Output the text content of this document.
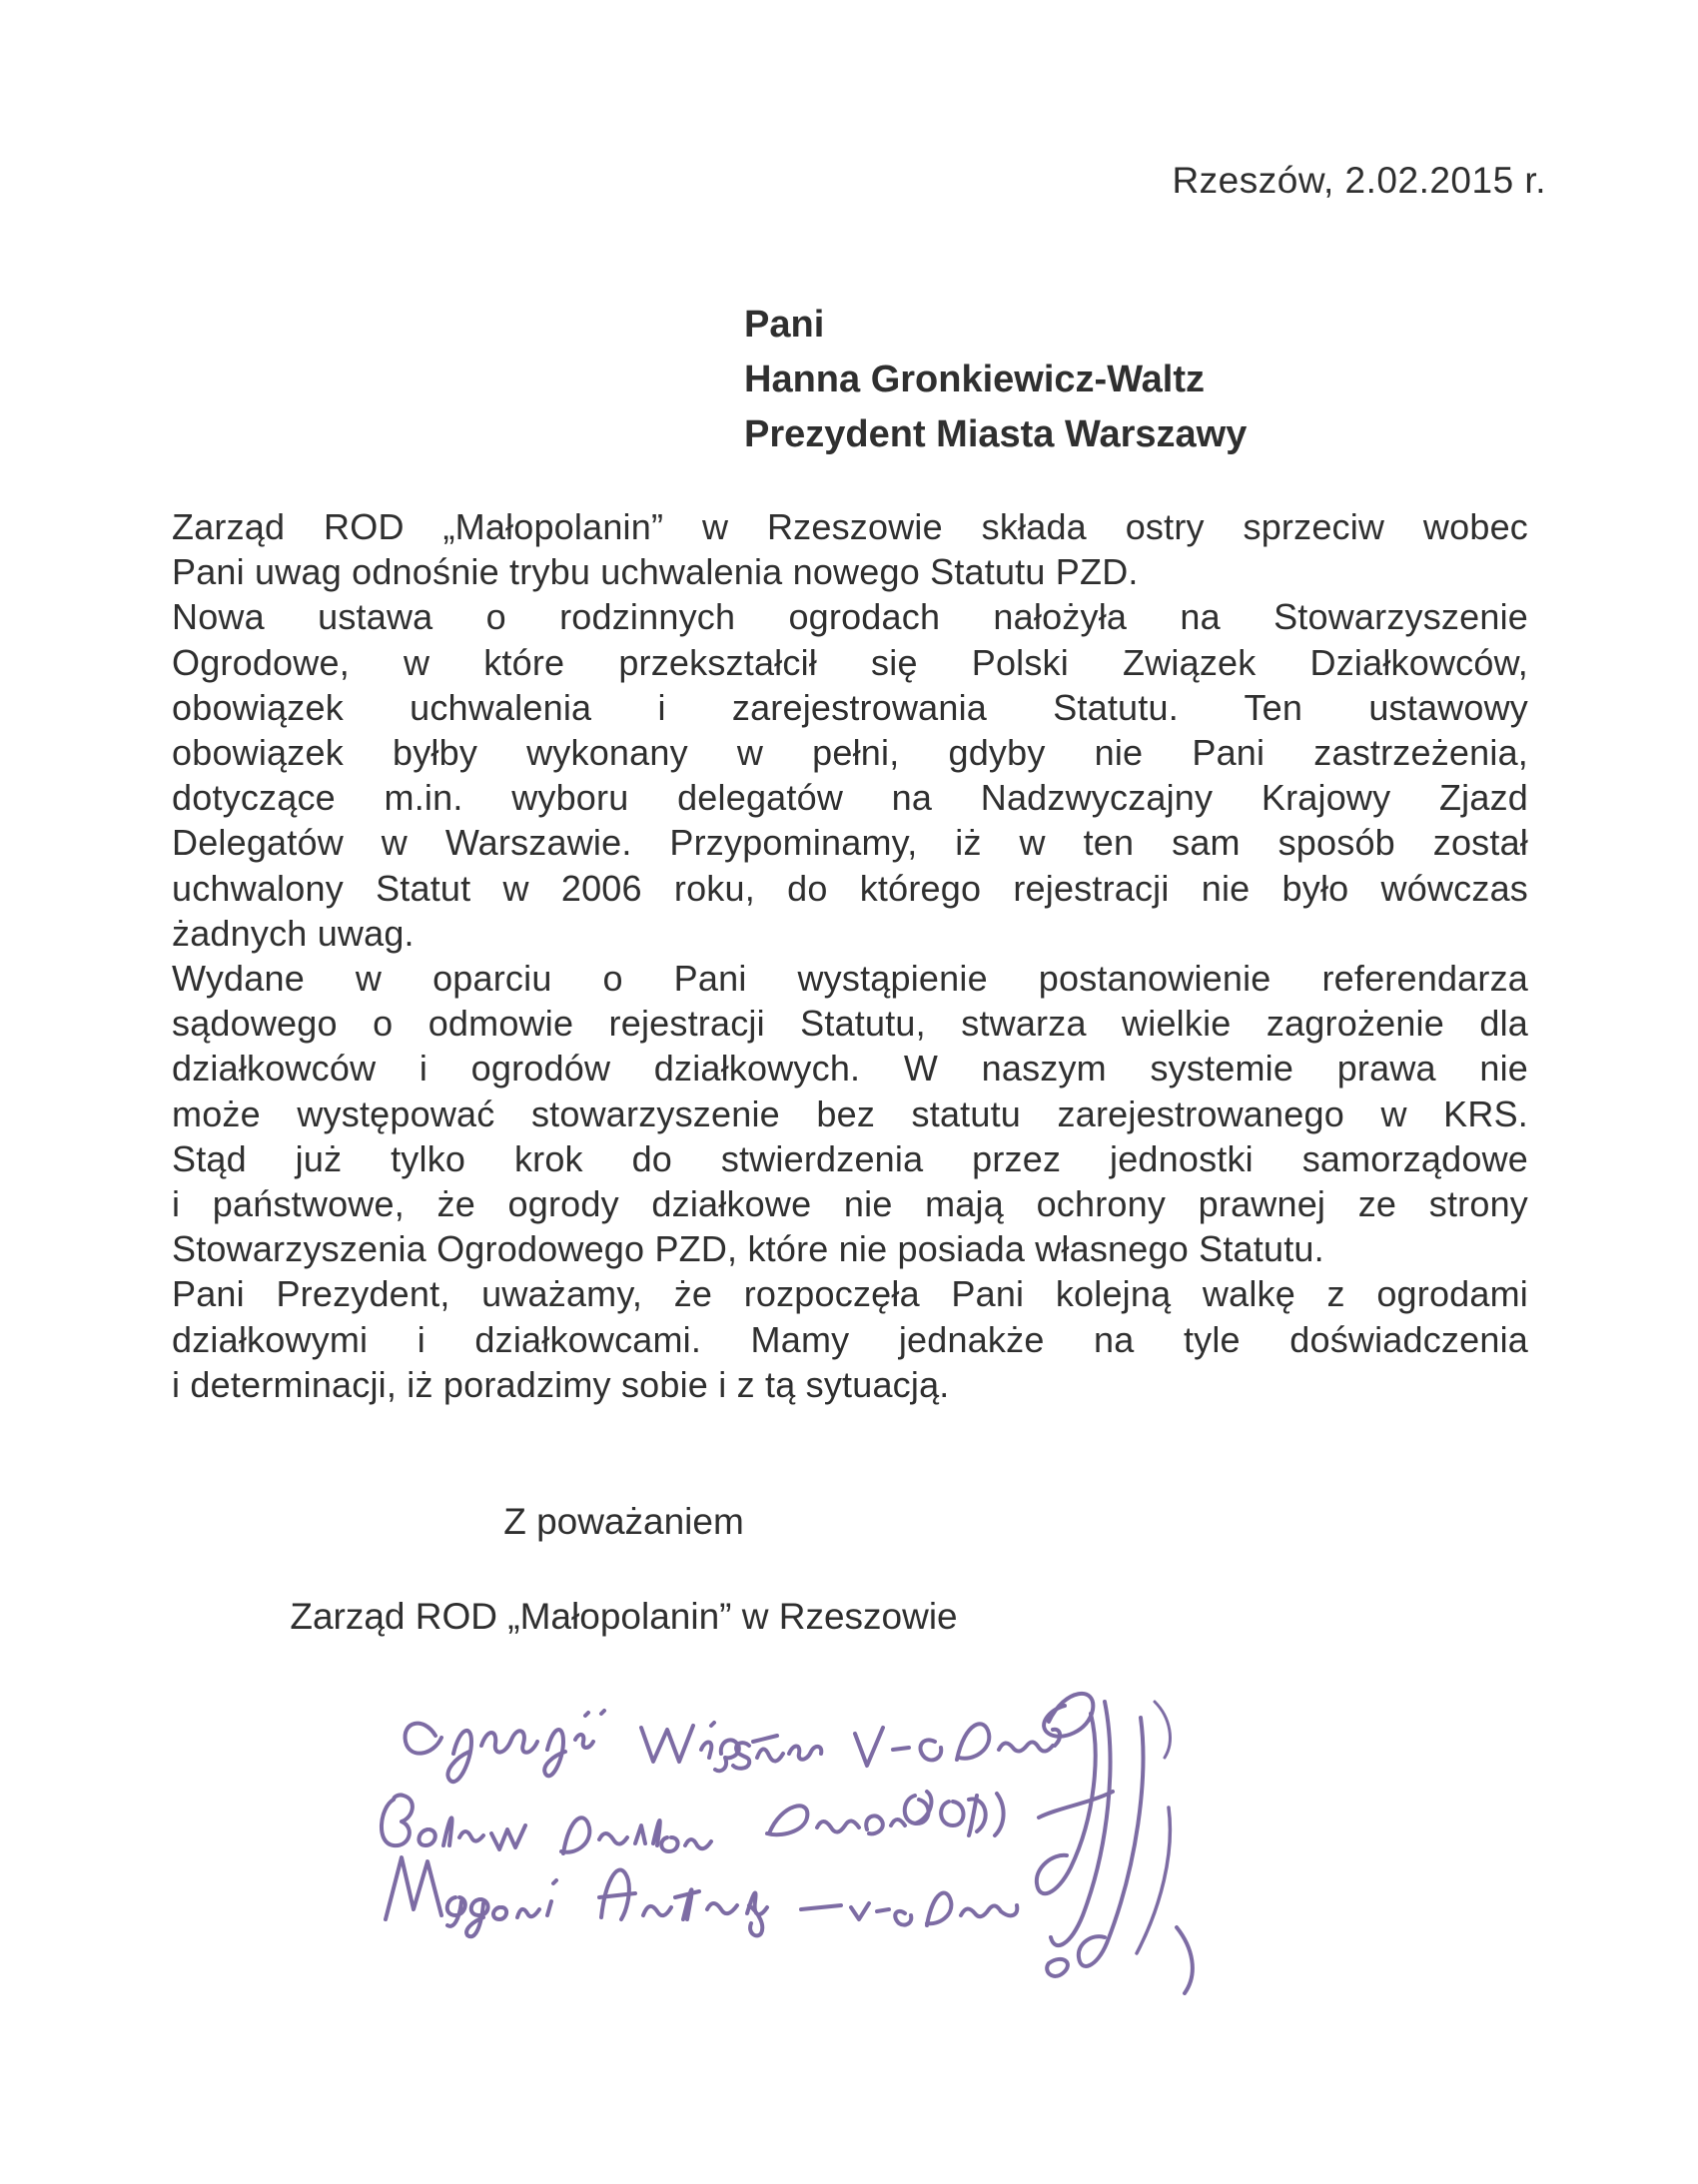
Rzeszów, 2.02.2015 r.
Pani
Hanna Gronkiewicz-Waltz
Prezydent Miasta Warszawy
Zarząd ROD „Małopolanin” w Rzeszowie składa ostry sprzeciw wobec
Pani uwag odnośnie trybu uchwalenia nowego Statutu PZD.
Nowa ustawa o rodzinnych ogrodach nałożyła na Stowarzyszenie
Ogrodowe, w które przekształcił się Polski Związek Działkowców,
obowiązek uchwalenia i zarejestrowania Statutu. Ten ustawowy
obowiązek byłby wykonany w pełni, gdyby nie Pani zastrzeżenia,
dotyczące m.in. wyboru delegatów na Nadzwyczajny Krajowy Zjazd
Delegatów w Warszawie. Przypominamy, iż w ten sam sposób został
uchwalony Statut w 2006 roku, do którego rejestracji nie było wówczas
żadnych uwag.
Wydane w oparciu o Pani wystąpienie postanowienie referendarza
sądowego o odmowie rejestracji Statutu, stwarza wielkie zagrożenie dla
działkowców i ogrodów działkowych. W naszym systemie prawa nie
może występować stowarzyszenie bez statutu zarejestrowanego w KRS.
Stąd już tylko krok do stwierdzenia przez jednostki samorządowe
i państwowe, że ogrody działkowe nie mają ochrony prawnej ze strony
Stowarzyszenia Ogrodowego PZD, które nie posiada własnego Statutu.
Pani Prezydent, uważamy, że rozpoczęła Pani kolejną walkę z ogrodami
działkowymi i działkowcami. Mamy jednakże na tyle doświadczenia
i determinacji, iż poradzimy sobie i z tą sytuacją.
Z poważaniem
Zarząd ROD „Małopolanin” w Rzeszowie
